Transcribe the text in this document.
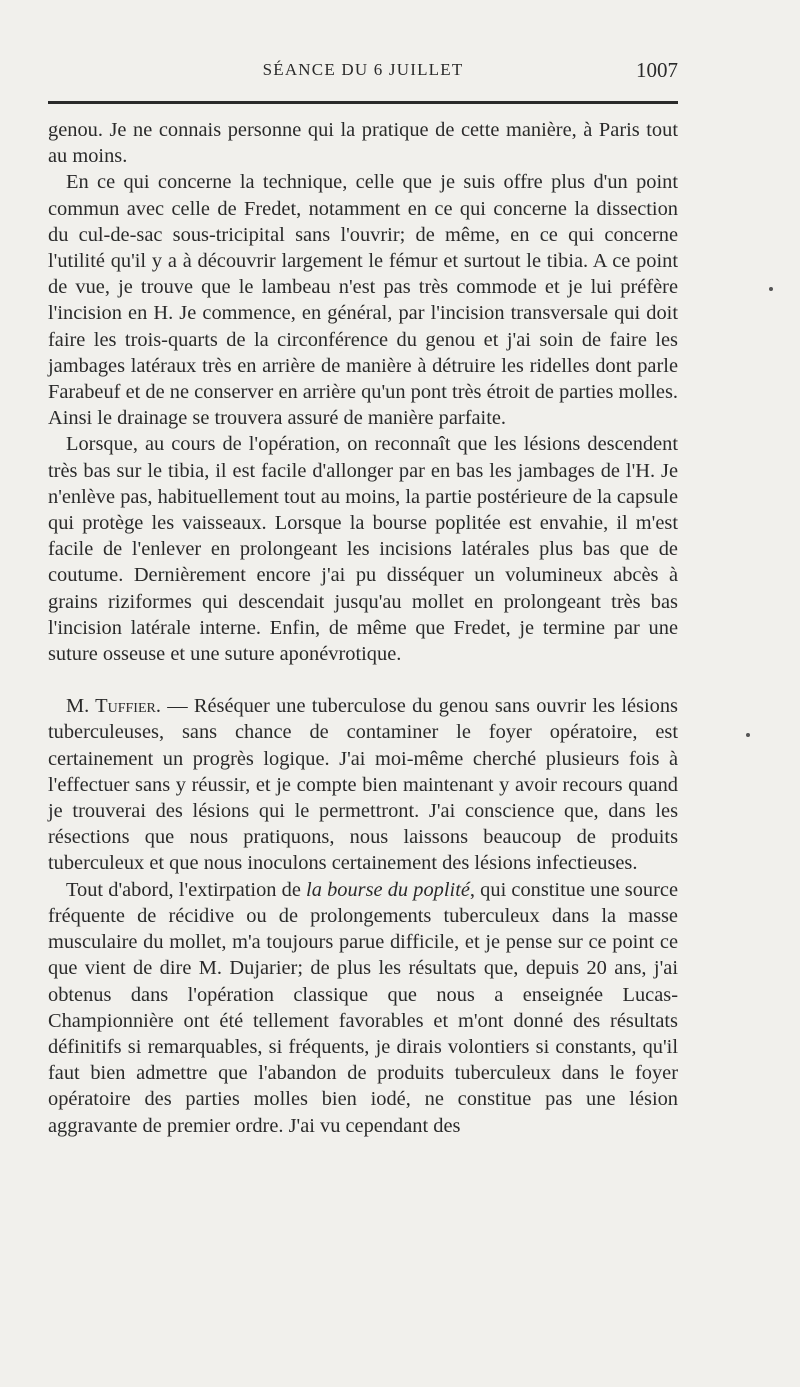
SÉANCE DU 6 JUILLET	1007

genou. Je ne connais personne qui la pratique de cette manière, à Paris tout au moins.

En ce qui concerne la technique, celle que je suis offre plus d'un point commun avec celle de Fredet, notamment en ce qui concerne la dissection du cul-de-sac sous-tricipital sans l'ouvrir; de même, en ce qui concerne l'utilité qu'il y a à découvrir largement le fémur et surtout le tibia. A ce point de vue, je trouve que le lambeau n'est pas très commode et je lui préfère l'incision en H. Je commence, en général, par l'incision transversale qui doit faire les trois-quarts de la circonférence du genou et j'ai soin de faire les jambages latéraux très en arrière de manière à détruire les ridelles dont parle Farabeuf et de ne conserver en arrière qu'un pont très étroit de parties molles. Ainsi le drainage se trouvera assuré de manière parfaite.

Lorsque, au cours de l'opération, on reconnaît que les lésions descendent très bas sur le tibia, il est facile d'allonger par en bas les jambages de l'H. Je n'enlève pas, habituellement tout au moins, la partie postérieure de la capsule qui protège les vaisseaux. Lorsque la bourse poplitée est envahie, il m'est facile de l'enlever en prolongeant les incisions latérales plus bas que de coutume. Dernièrement encore j'ai pu disséquer un volumineux abcès à grains riziformes qui descendait jusqu'au mollet en prolongeant très bas l'incision latérale interne. Enfin, de même que Fredet, je termine par une suture osseuse et une suture aponévrotique.

M. Tuffier. — Réséquer une tuberculose du genou sans ouvrir les lésions tuberculeuses, sans chance de contaminer le foyer opératoire, est certainement un progrès logique. J'ai moi-même cherché plusieurs fois à l'effectuer sans y réussir, et je compte bien maintenant y avoir recours quand je trouverai des lésions qui le permettront. J'ai conscience que, dans les résections que nous pratiquons, nous laissons beaucoup de produits tuberculeux et que nous inoculons certainement des lésions infectieuses.

Tout d'abord, l'extirpation de la bourse du poplité, qui constitue une source fréquente de récidive ou de prolongements tuberculeux dans la masse musculaire du mollet, m'a toujours parue difficile, et je pense sur ce point ce que vient de dire M. Dujarier; de plus les résultats que, depuis 20 ans, j'ai obtenus dans l'opération classique que nous a enseignée Lucas-Championnière ont été tellement favorables et m'ont donné des résultats définitifs si remarquables, si fréquents, je dirais volontiers si constants, qu'il faut bien admettre que l'abandon de produits tuberculeux dans le foyer opératoire des parties molles bien iodé, ne constitue pas une lésion aggravante de premier ordre. J'ai vu cependant des
